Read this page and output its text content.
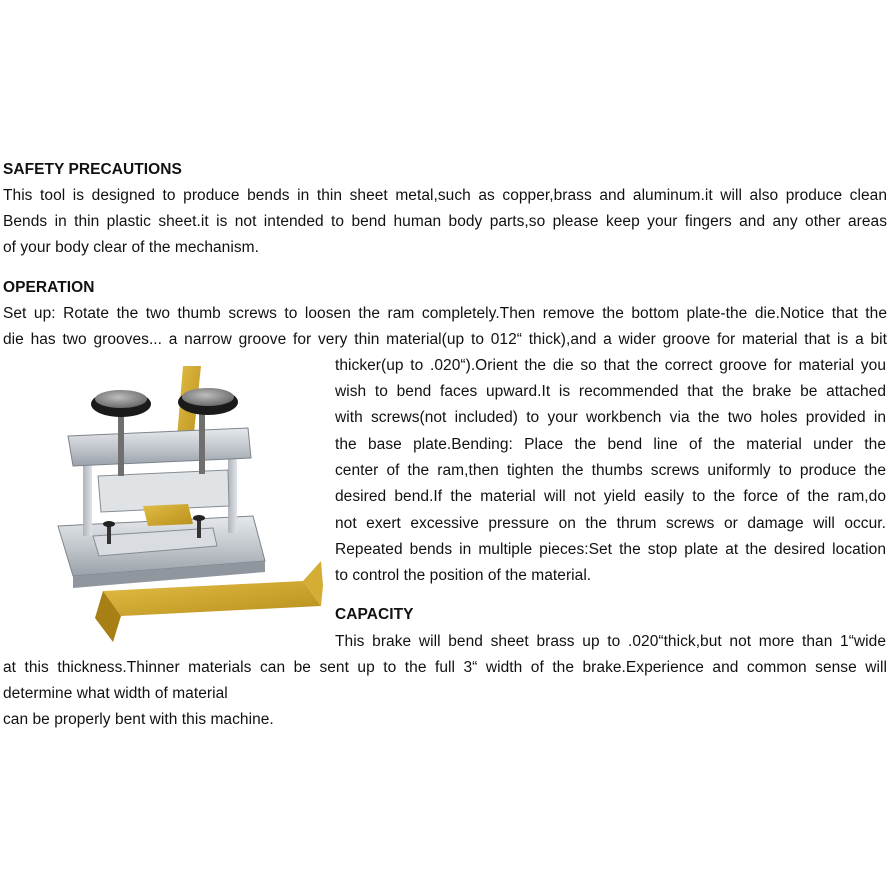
SAFETY PRECAUTIONS
This tool is designed to produce bends in thin sheet metal,such as copper,brass and aluminum.it will also produce clean
Bends in thin plastic sheet.it is not intended to bend human body parts,so please keep your fingers and any other areas
of your body clear of the mechanism.
OPERATION
Set up: Rotate the two thumb screws to loosen the ram completely.Then remove the bottom plate-the die.Notice that the
die has two grooves... a narrow groove for very thin material(up to 012“ thick),and a wider groove for material that is a bit
thicker(up to .020“).Orient the die so that the correct groove for material you
wish to bend faces upward.It is recommended that the brake be attached
with screws(not included) to your workbench via the two holes provided in
the base plate.Bending: Place the bend line of the material under the
center of the ram,then tighten the thumbs screws uniformly to produce the
desired bend.If the material will not yield easily to the force of the ram,do
not exert excessive pressure on the thrum screws or damage will occur.
Repeated bends in multiple pieces:Set the stop plate at the desired location
to control the position of the material.
CAPACITY
This brake will bend sheet brass up to .020“thick,but not more than 1“wide
at this thickness.Thinner materials can be sent up to the full 3“ width of the brake.Experience and common sense will
determine what width of material
can be properly bent with this machine.
